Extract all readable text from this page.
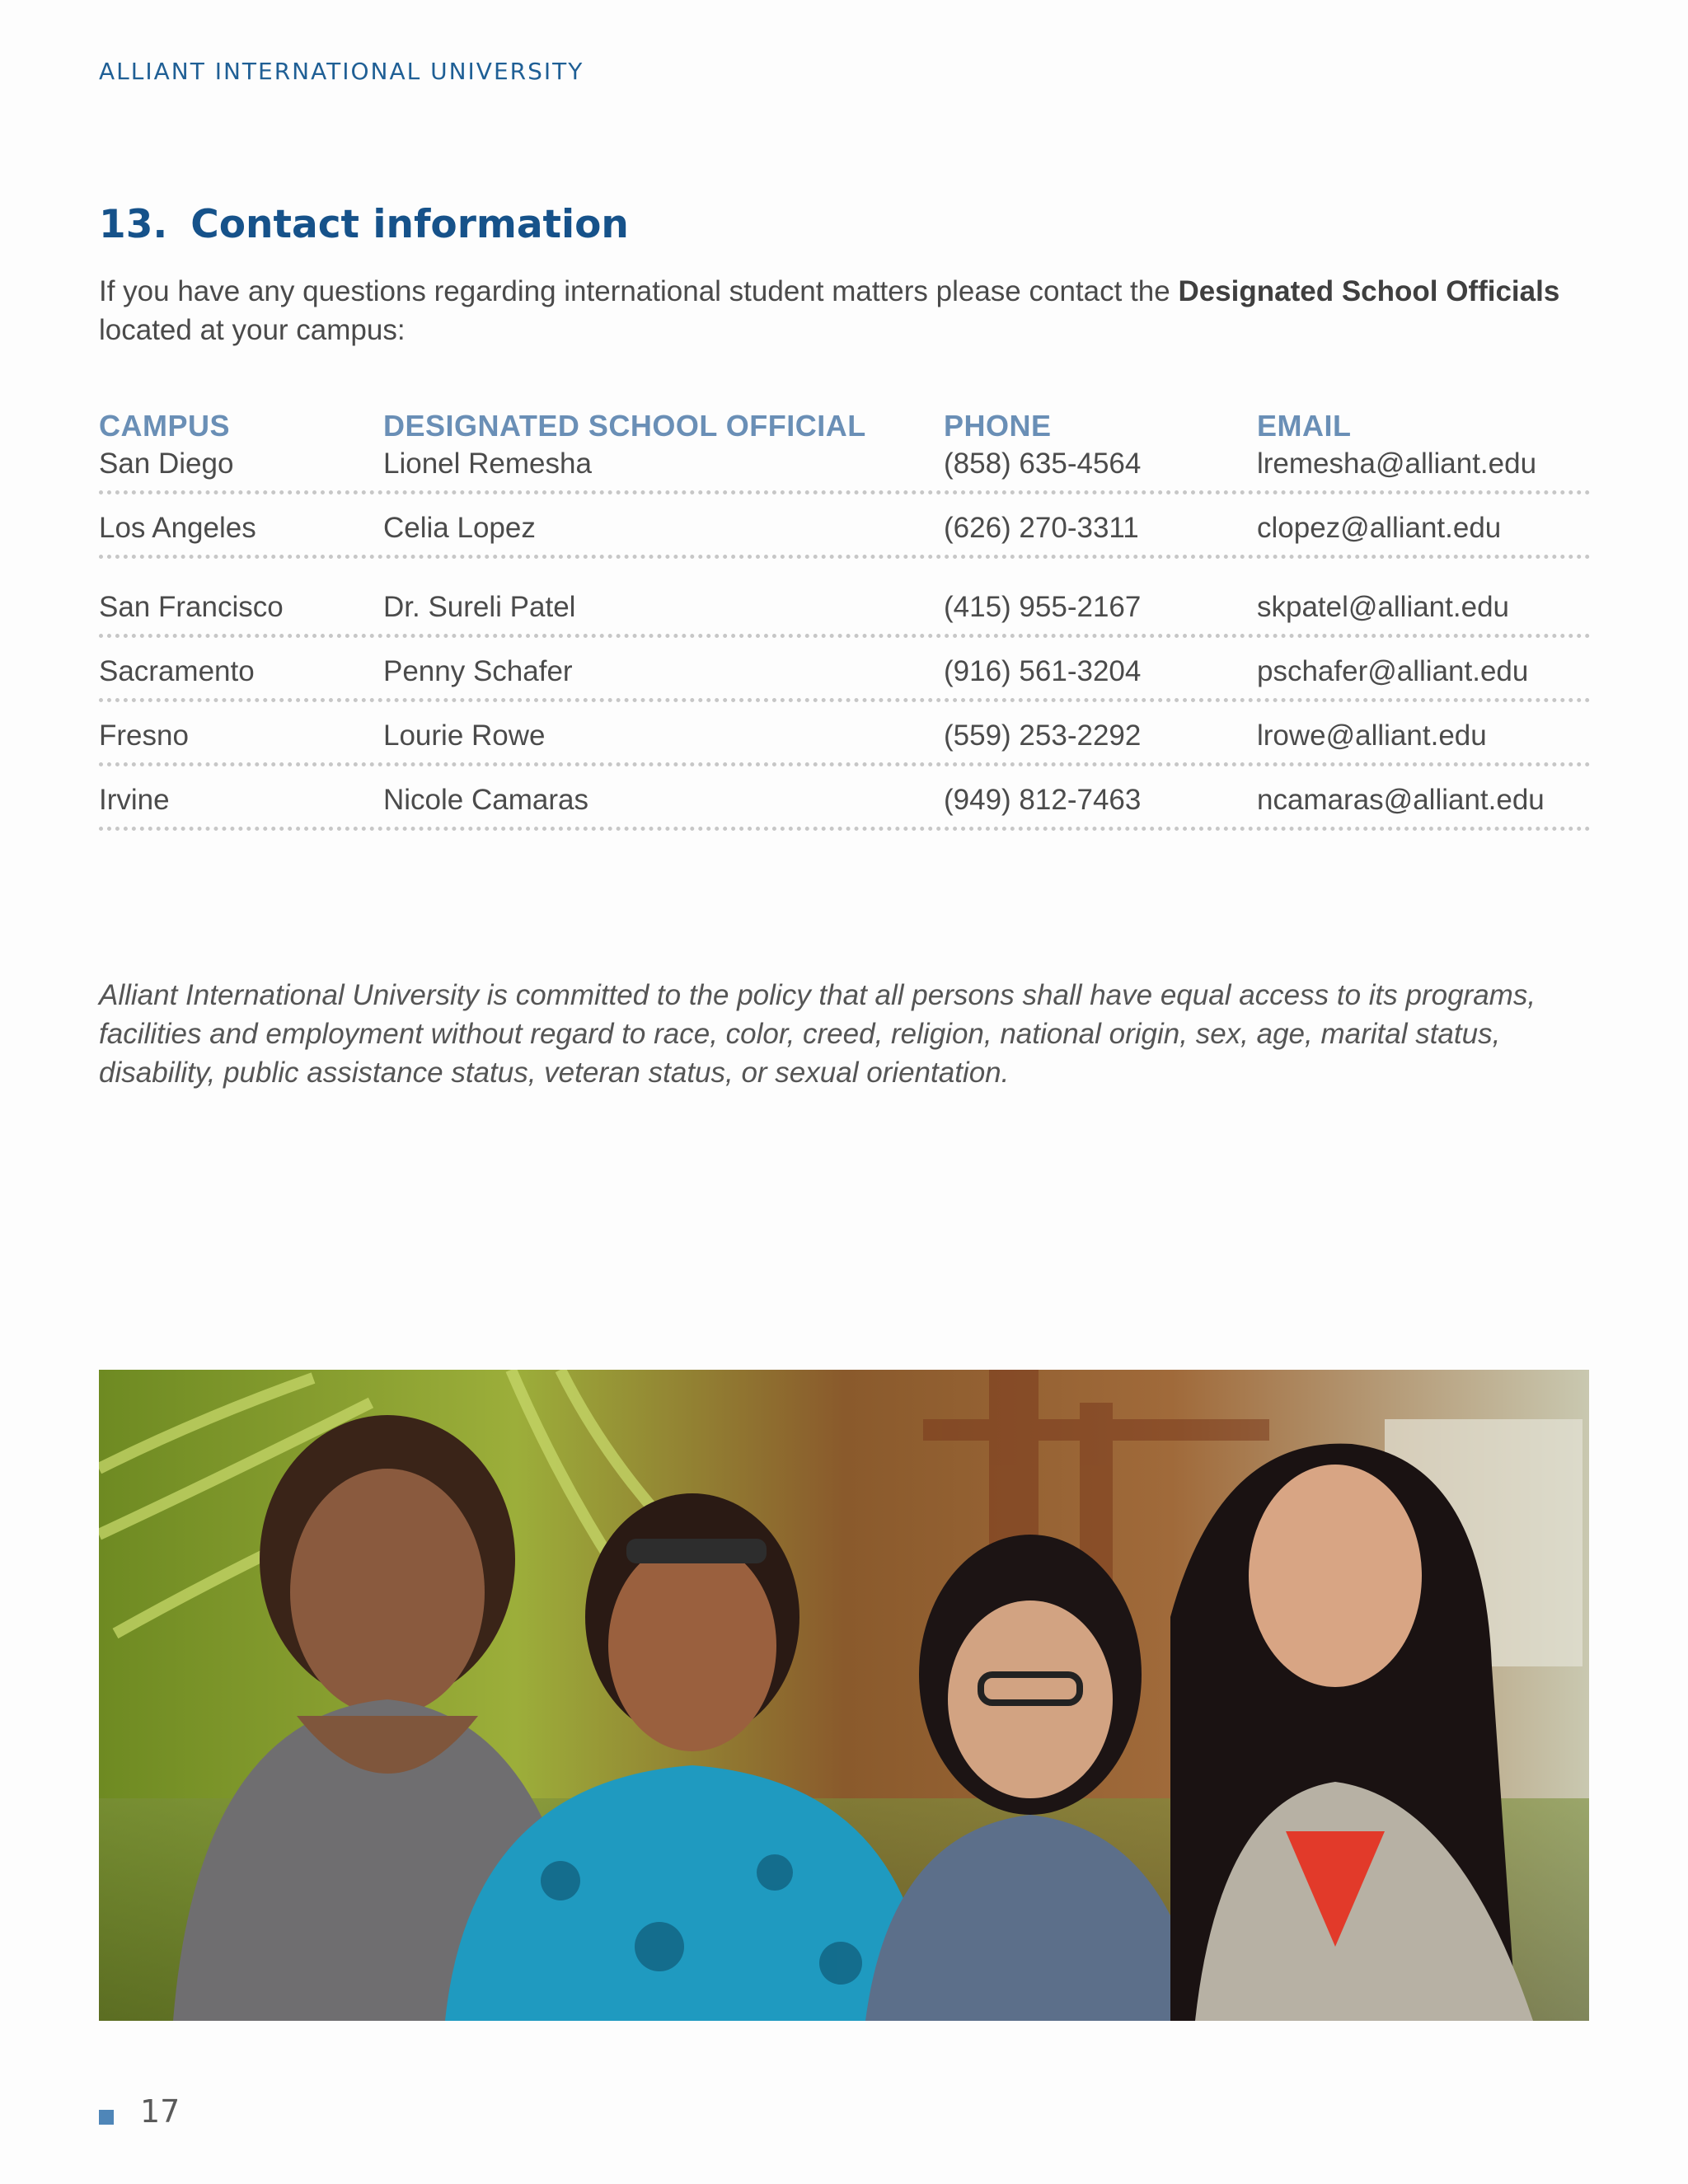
ALLIANT INTERNATIONAL UNIVERSITY
13. Contact information

If you have any questions regarding international student matters please contact the Designated School Officials located at your campus:

CAMPUS	DESIGNATED SCHOOL OFFICIAL	PHONE	EMAIL
San Diego	Lionel Remesha	(858) 635-4564	lremesha@alliant.edu
Los Angeles	Celia Lopez	(626) 270-3311	clopez@alliant.edu
San Francisco	Dr. Sureli Patel	(415) 955-2167	skpatel@alliant.edu
Sacramento	Penny Schafer	(916) 561-3204	pschafer@alliant.edu
Fresno	Lourie Rowe	(559) 253-2292	lrowe@alliant.edu
Irvine	Nicole Camaras	(949) 812-7463	ncamaras@alliant.edu

Alliant International University is committed to the policy that all persons shall have equal access to its programs, facilities and employment without regard to race, color, creed, religion, national origin, sex, age, marital status, disability, public assistance status, veteran status, or sexual orientation.

17
